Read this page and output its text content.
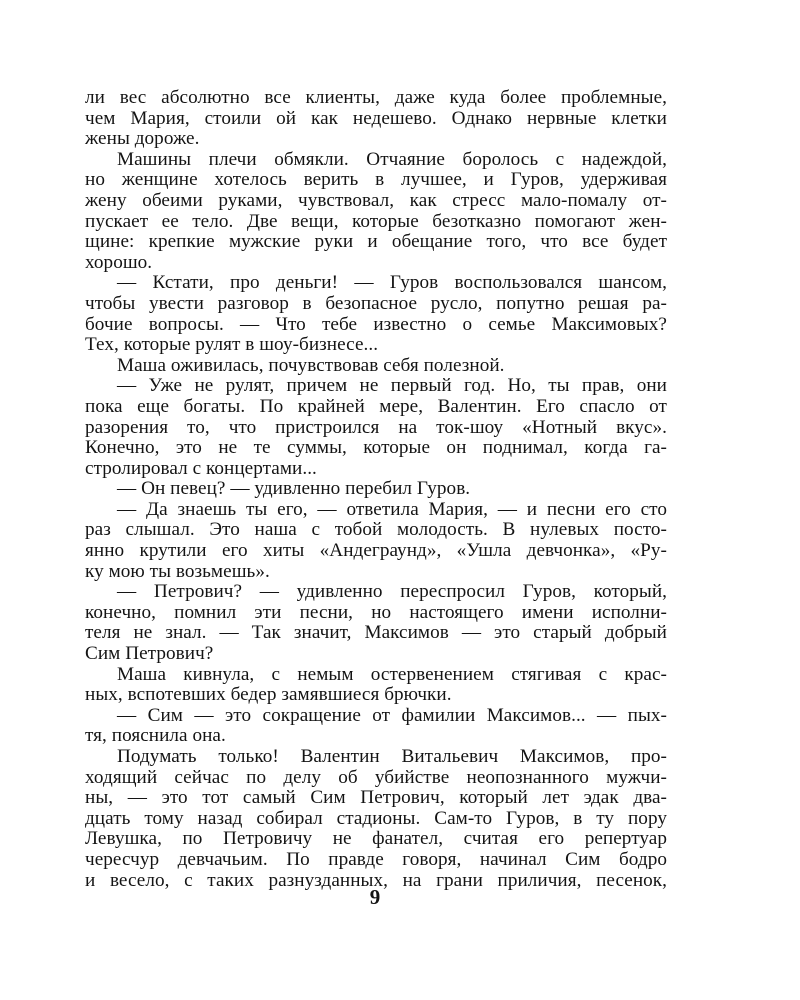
ли вес абсолютно все клиенты, даже куда более проблемные,
чем Мария, стоили ой как недешево. Однако нервные клетки
жены дороже.
Машины плечи обмякли. Отчаяние боролось с надеждой,
но женщине хотелось верить в лучшее, и Гуров, удерживая
жену обеими руками, чувствовал, как стресс мало-помалу от-
пускает ее тело. Две вещи, которые безотказно помогают жен-
щине: крепкие мужские руки и обещание того, что все будет
хорошо.
— Кстати, про деньги! — Гуров воспользовался шансом,
чтобы увести разговор в безопасное русло, попутно решая ра-
бочие вопросы. — Что тебе известно о семье Максимовых?
Тех, которые рулят в шоу-бизнесе...
Маша оживилась, почувствовав себя полезной.
— Уже не рулят, причем не первый год. Но, ты прав, они
пока еще богаты. По крайней мере, Валентин. Его спасло от
разорения то, что пристроился на ток-шоу «Нотный вкус».
Конечно, это не те суммы, которые он поднимал, когда га-
стролировал с концертами...
— Он певец? — удивленно перебил Гуров.
— Да знаешь ты его, — ответила Мария, — и песни его сто
раз слышал. Это наша с тобой молодость. В нулевых посто-
янно крутили его хиты «Андеграунд», «Ушла девчонка», «Ру-
ку мою ты возьмешь».
— Петрович? — удивленно переспросил Гуров, который,
конечно, помнил эти песни, но настоящего имени исполни-
теля не знал. — Так значит, Максимов — это старый добрый
Сим Петрович?
Маша кивнула, с немым остервенением стягивая с крас-
ных, вспотевших бедер замявшиеся брючки.
— Сим — это сокращение от фамилии Максимов... — пых-
тя, пояснила она.
Подумать только! Валентин Витальевич Максимов, про-
ходящий сейчас по делу об убийстве неопознанного мужчи-
ны, — это тот самый Сим Петрович, который лет эдак два-
дцать тому назад собирал стадионы. Сам-то Гуров, в ту пору
Левушка, по Петровичу не фанател, считая его репертуар
чересчур девчачьим. По правде говоря, начинал Сим бодро
и весело, с таких разнузданных, на грани приличия, песенок,
9
